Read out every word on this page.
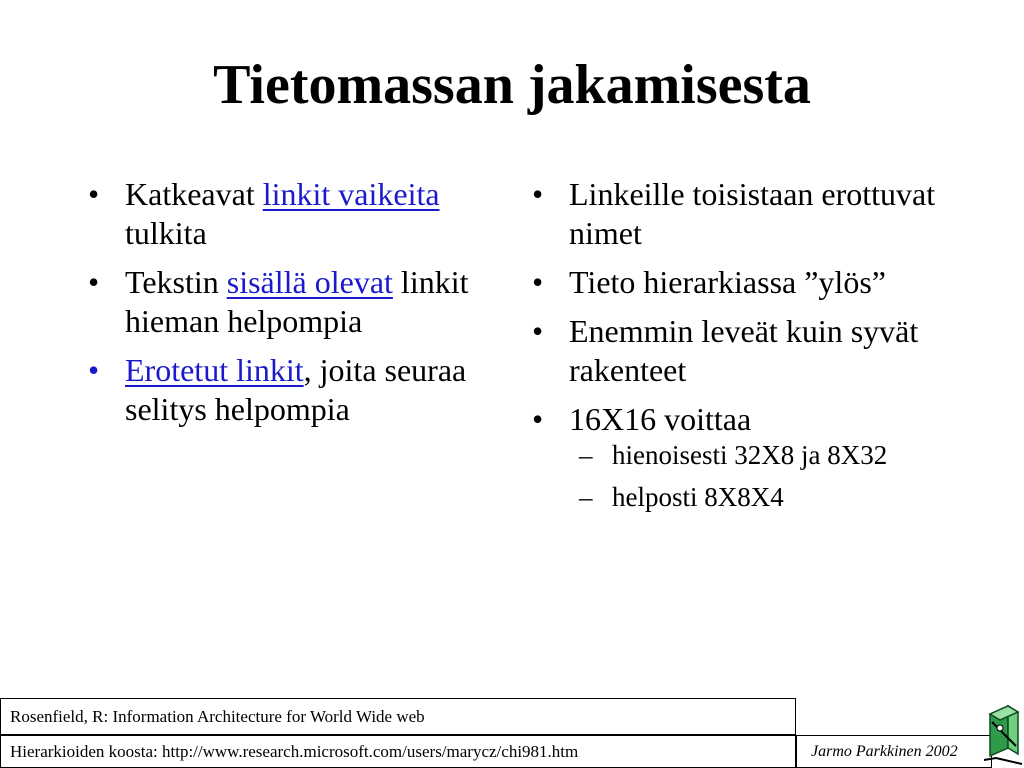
Tietomassan jakamisesta
• Katkeavat linkit vaikeita tulkita
• Tekstin sisällä olevat linkit hieman helpompia
• Erotetut linkit, joita seuraa selitys helpompia
• Linkeille toisistaan erottuvat nimet
• Tieto hierarkiassa ”ylös”
• Enemmin leveät kuin syvät rakenteet
• 16X16 voittaa
– hienoisesti 32X8 ja 8X32
– helposti 8X8X4
Rosenfield, R: Information Architecture for World Wide web
Hierarkioiden koosta: http://www.research.microsoft.com/users/marycz/chi981.htm	Jarmo Parkkinen 2002
